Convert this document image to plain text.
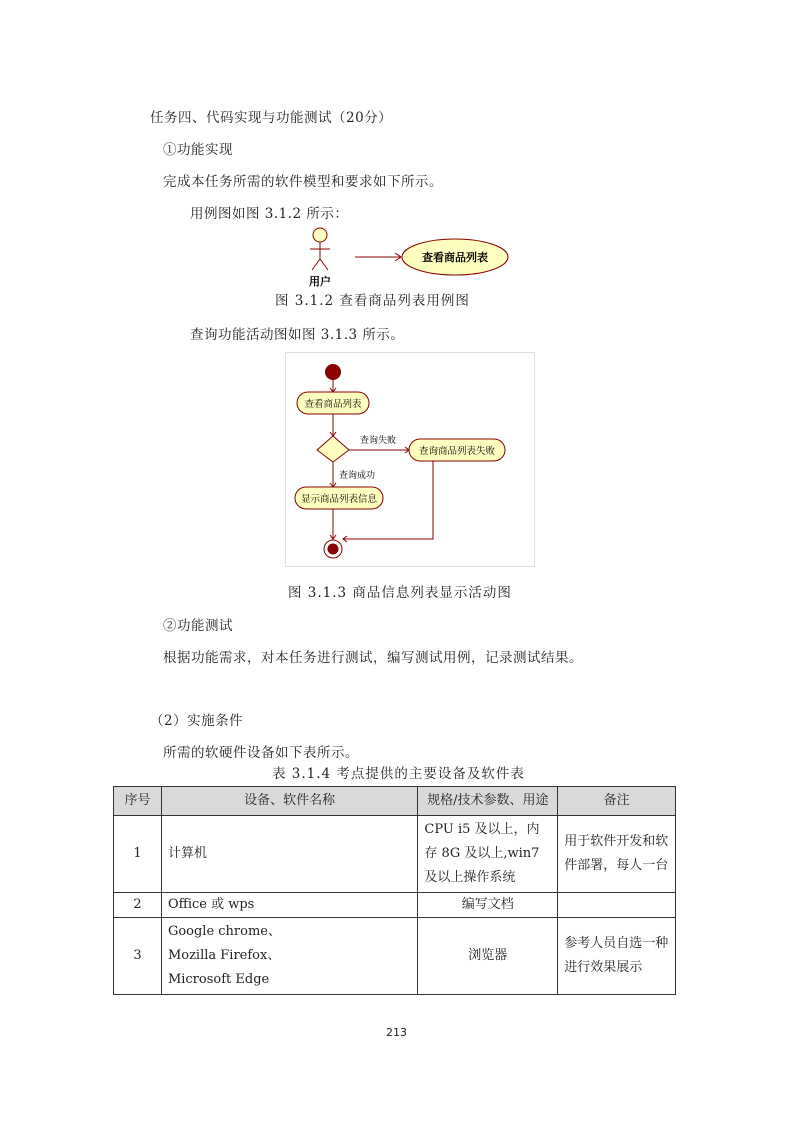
任务四、代码实现与功能测试（20分）
①功能实现
完成本任务所需的软件模型和要求如下所示。
用例图如图 3.1.2 所示：
用户
查看商品列表
图 3.1.2 查看商品列表用例图
查询功能活动图如图 3.1.3 所示。
查看商品列表
查询失败
查询商品列表失败
查询成功
显示商品列表信息
图 3.1.3 商品信息列表显示活动图
②功能测试
根据功能需求，对本任务进行测试，编写测试用例，记录测试结果。
（2）实施条件
所需的软硬件设备如下表所示。
表 3.1.4 考点提供的主要设备及软件表
序号	设备、软件名称	规格/技术参数、用途	备注
1	计算机	CPU i5 及以上，内存 8G 及以上,win7 及以上操作系统	用于软件开发和软件部署，每人一台
2	Office 或 wps	编写文档	
3	Google chrome、
Mozilla Firefox、
Microsoft Edge	浏览器	参考人员自选一种进行效果展示
213
